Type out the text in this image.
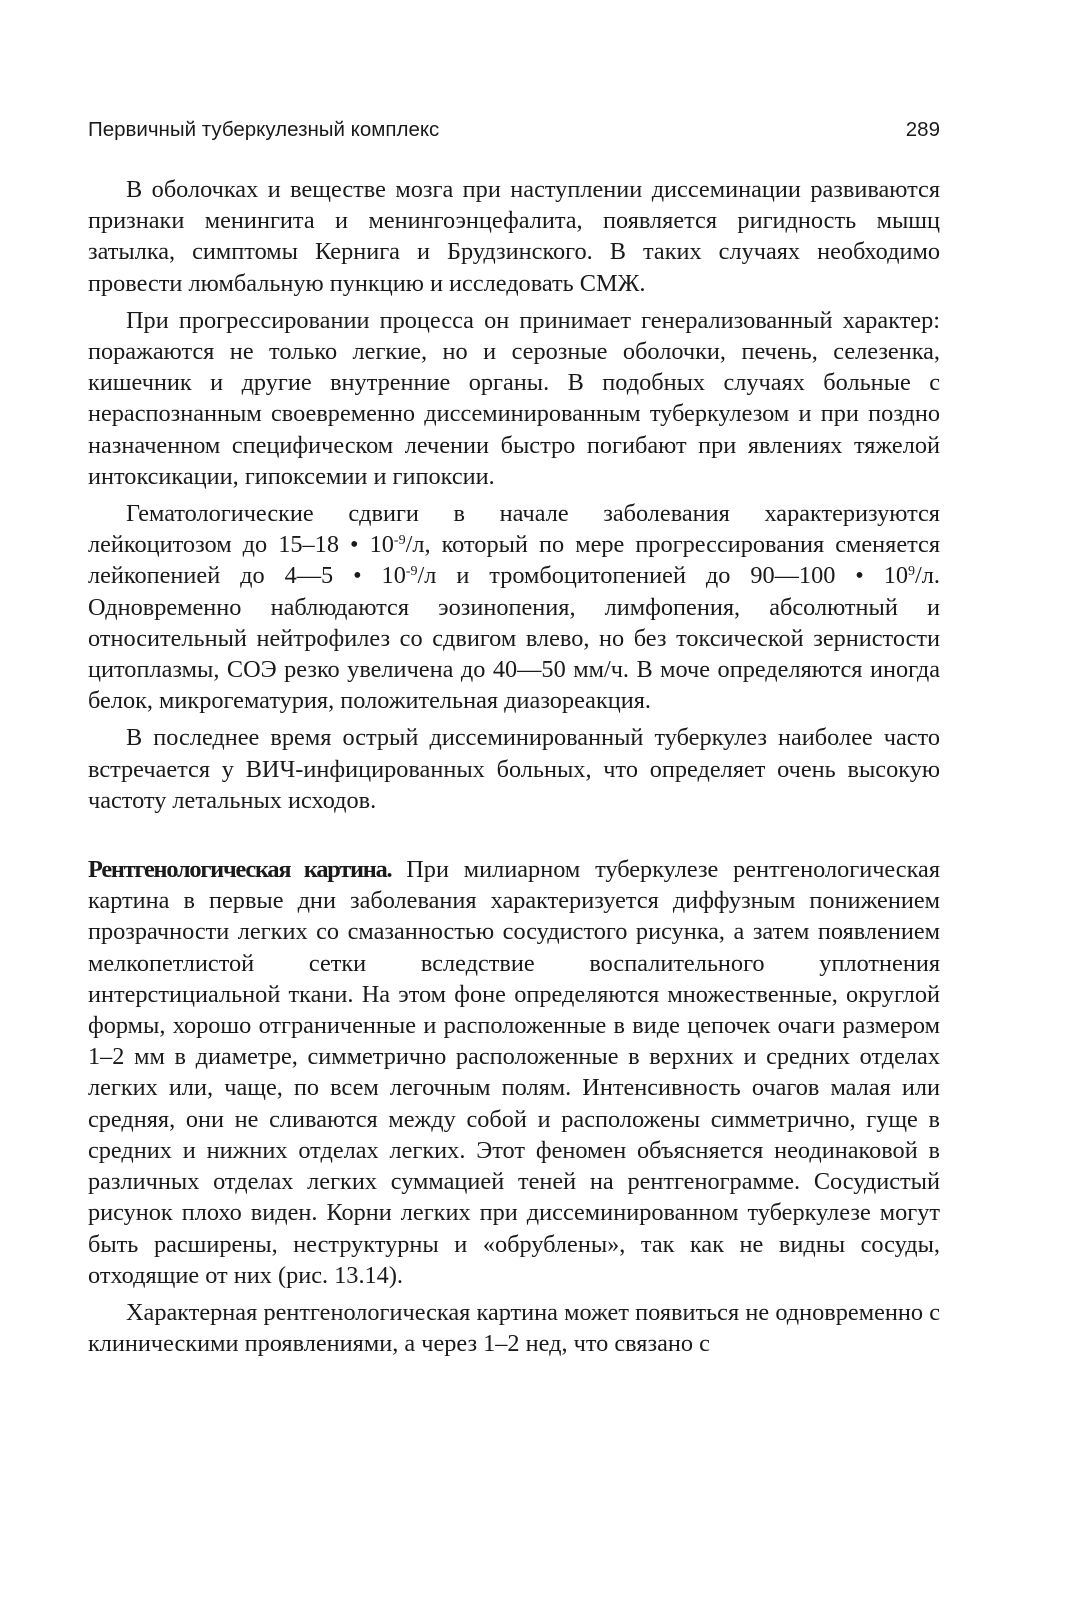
Первичный туберкулезный комплекс	289

В оболочках и веществе мозга при наступлении диссеминации развиваются признаки менингита и менингоэнцефалита, появляется ригидность мышц затылка, симптомы Кернига и Брудзинского. В таких случаях необходимо провести люмбальную пункцию и исследовать СМЖ.

При прогрессировании процесса он принимает генерализованный характер: поражаются не только легкие, но и серозные оболочки, печень, селезенка, кишечник и другие внутренние органы. В подобных случаях больные с нераспознанным своевременно диссеминированным туберкулезом и при поздно назначенном специфическом лечении быстро погибают при явлениях тяжелой интоксикации, гипоксемии и гипоксии.

Гематологические сдвиги в начале заболевания характеризуются лейкоцитозом до 15–18 • $10^{-9}/л$, который по мере прогрессирования сменяется лейкопенией до 4—5 • $10^{-9}/л$ и тромбоцитопенией до 90—100 • $10^9/л$. Одновременно наблюдаются эозинопения, лимфопения, абсолютный и относительный нейтрофилез со сдвигом влево, но без токсической зернистости цитоплазмы, СОЭ резко увеличена до 40—50 мм/ч. В моче определяются иногда белок, микрогематурия, положительная диазореакция.

В последнее время острый диссеминированный туберкулез наиболее часто встречается у ВИЧ-инфицированных больных, что определяет очень высокую частоту летальных исходов.

Рентгенологическая картина. При милиарном туберкулезе рентгенологическая картина в первые дни заболевания характеризуется диффузным понижением прозрачности легких со смазанностью сосудистого рисунка, а затем появлением мелкопетлистой сетки вследствие воспалительного уплотнения интерстициальной ткани. На этом фоне определяются множественные, округлой формы, хорошо отграниченные и расположенные в виде цепочек очаги размером 1–2 мм в диаметре, симметрично расположенные в верхних и средних отделах легких или, чаще, по всем легочным полям. Интенсивность очагов малая или средняя, они не сливаются между собой и расположены симметрично, гуще в средних и нижних отделах легких. Этот феномен объясняется неодинаковой в различных отделах легких суммацией теней на рентгенограмме. Сосудистый рисунок плохо виден. Корни легких при диссеминированном туберкулезе могут быть расширены, неструктурны и «обрублены», так как не видны сосуды, отходящие от них (рис. 13.14).

Характерная рентгенологическая картина может появиться не одновременно с клиническими проявлениями, а через 1–2 нед, что связано с
